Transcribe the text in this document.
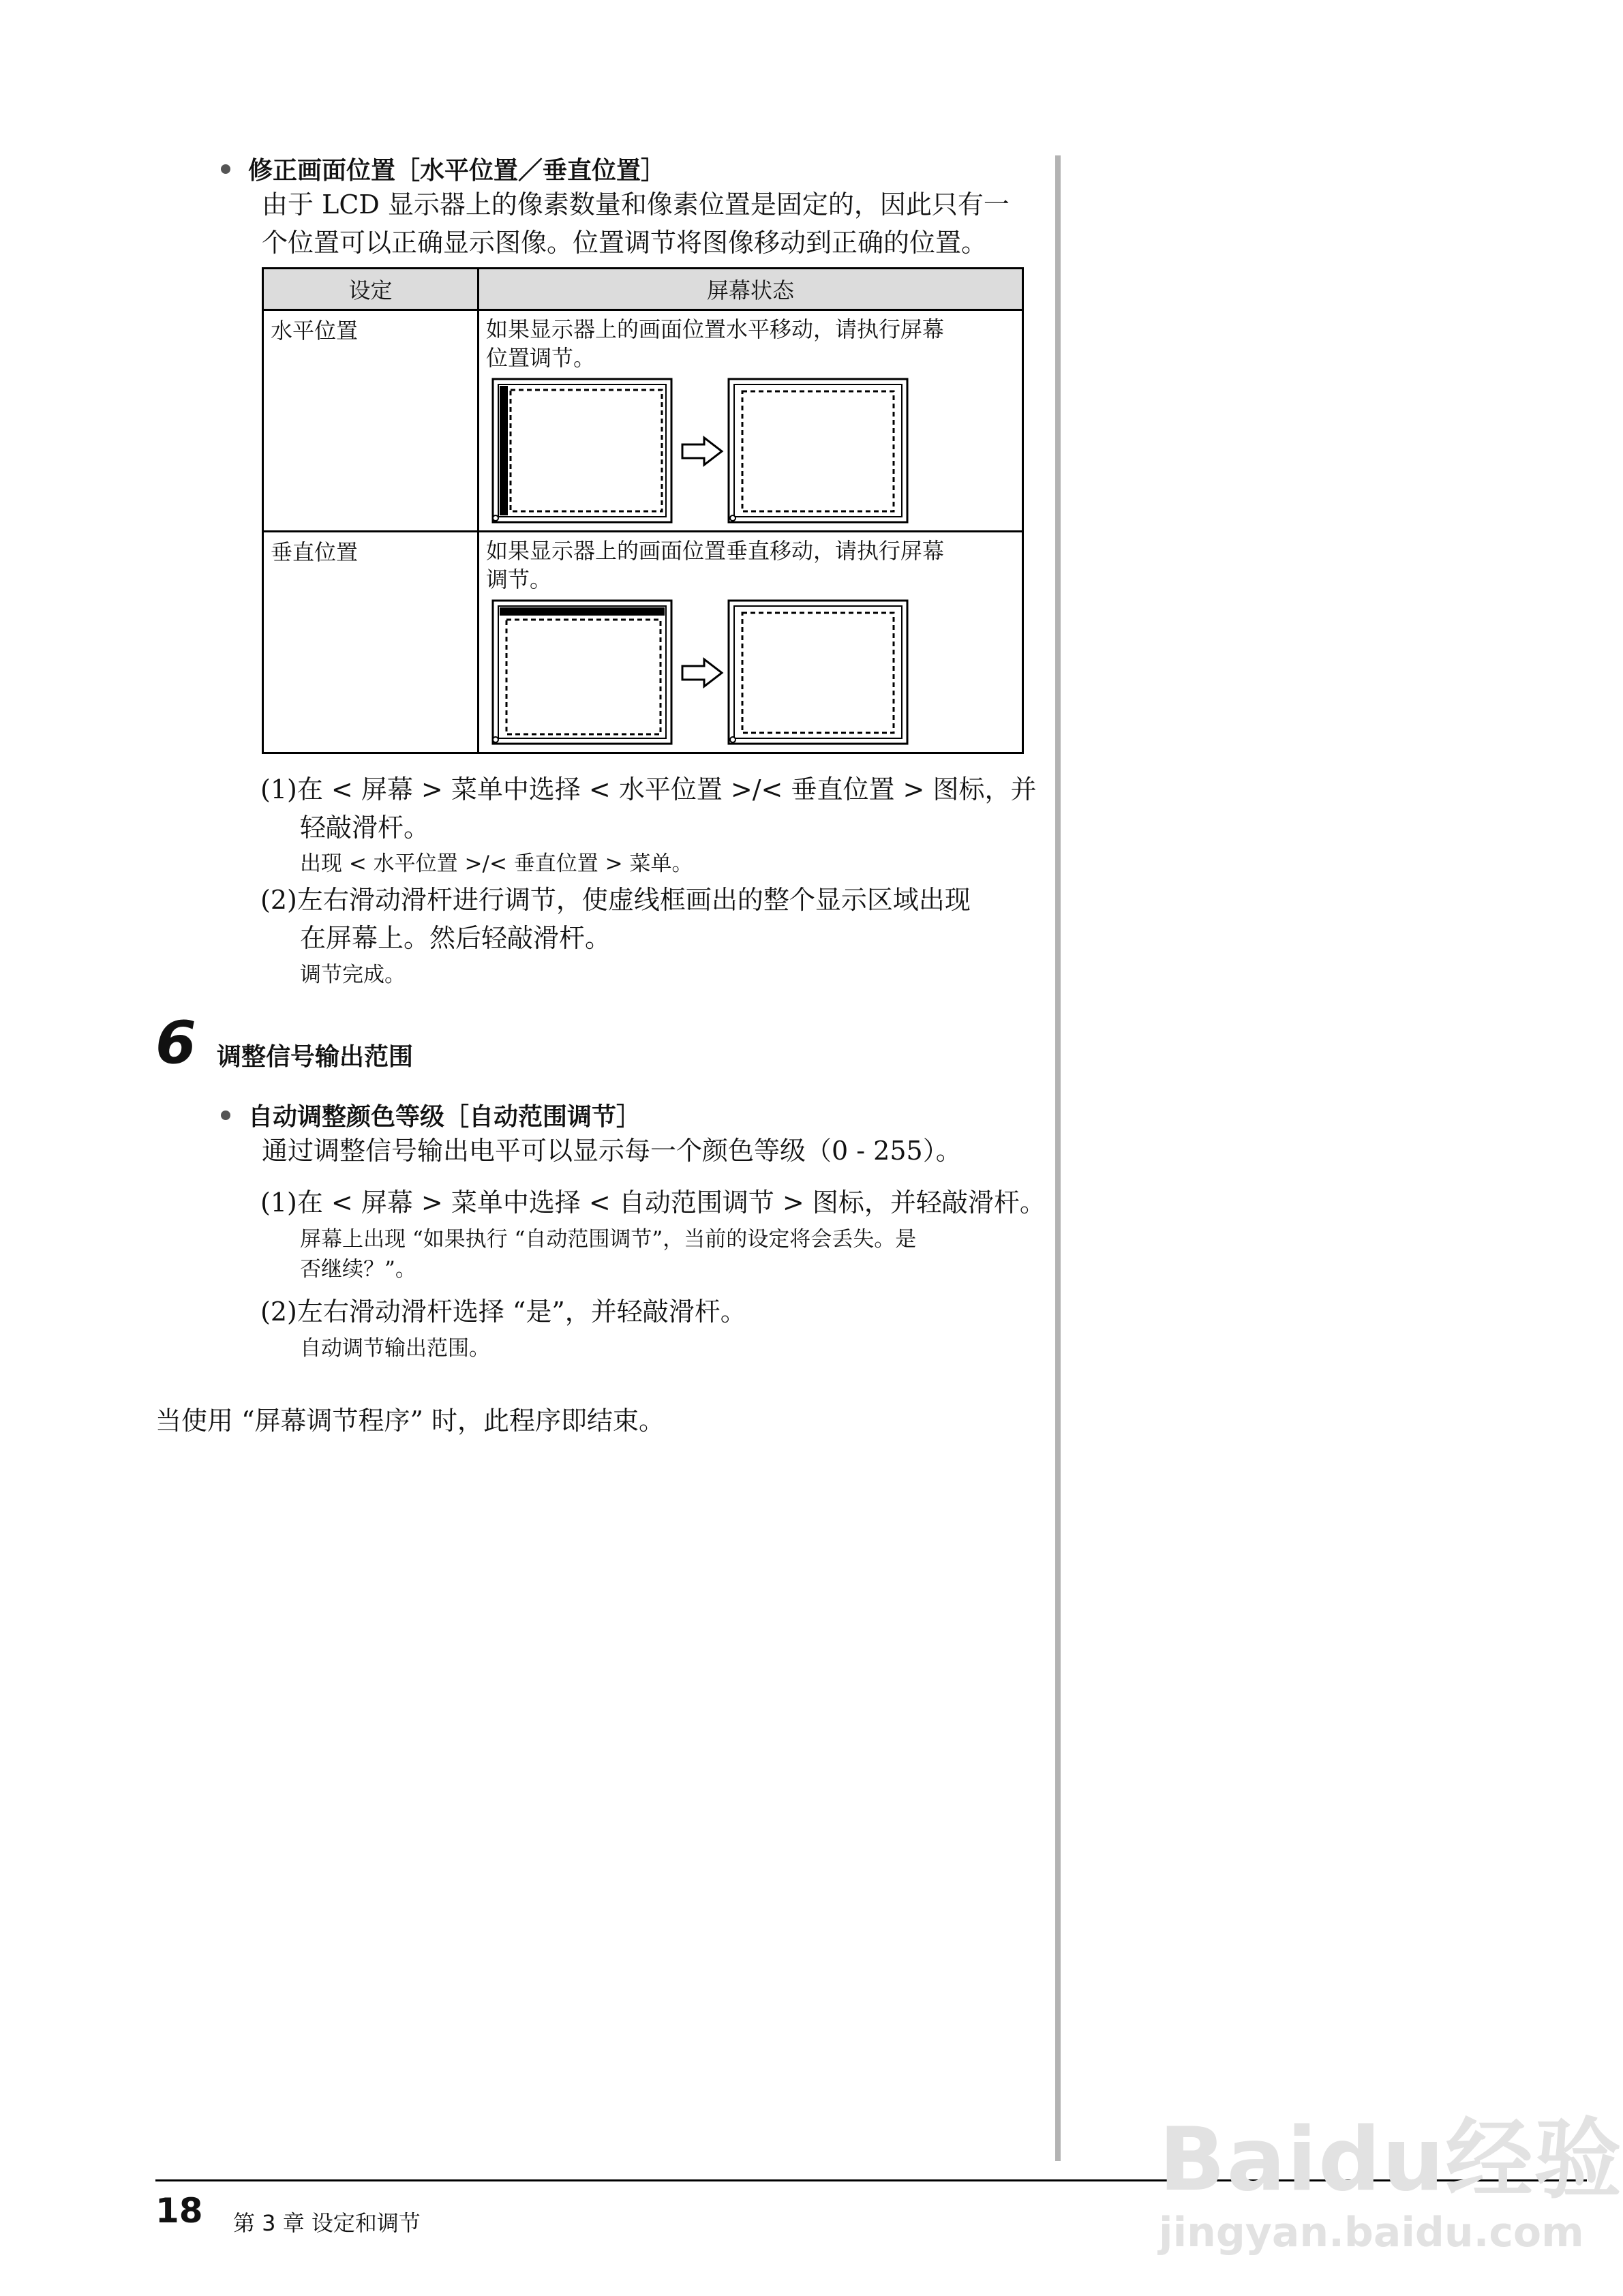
修正画面位置［水平位置／垂直位置］
由于 LCD 显示器上的像素数量和像素位置是固定的，因此只有一
个位置可以正确显示图像。位置调节将图像移动到正确的位置。
设定	屏幕状态
水平位置	如果显示器上的画面位置水平移动，请执行屏幕
位置调节。

垂直位置	如果显示器上的画面位置垂直移动，请执行屏幕
调节。
(1)在 < 屏幕 > 菜单中选择 < 水平位置 >/< 垂直位置 > 图标，并
轻敲滑杆。
出现 < 水平位置 >/< 垂直位置 > 菜单。
(2)左右滑动滑杆进行调节，使虚线框画出的整个显示区域出现
在屏幕上。然后轻敲滑杆。
调节完成。
6 调整信号输出范围
自动调整颜色等级［自动范围调节］
通过调整信号输出电平可以显示每一个颜色等级（0 - 255）。
(1)在 < 屏幕 > 菜单中选择 < 自动范围调节 > 图标，并轻敲滑杆。
屏幕上出现 “如果执行 “自动范围调节”，当前的设定将会丢失。是
否继续？”。
(2)左右滑动滑杆选择 “是”，并轻敲滑杆。
自动调节输出范围。
当使用 “屏幕调节程序” 时，此程序即结束。
18 第 3 章 设定和调节
Baidu经验
jingyan.baidu.com
